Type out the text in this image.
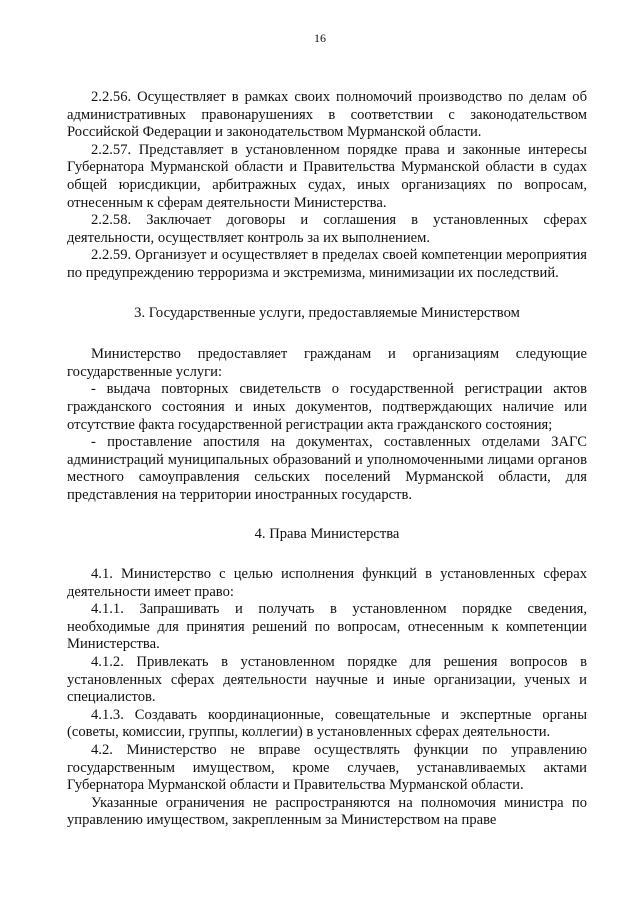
16

2.2.56. Осуществляет в рамках своих полномочий производство по делам об административных правонарушениях в соответствии с законодательством Российской Федерации и законодательством Мурманской области.

2.2.57. Представляет в установленном порядке права и законные интересы Губернатора Мурманской области и Правительства Мурманской области в судах общей юрисдикции, арбитражных судах, иных организациях по вопросам, отнесенным к сферам деятельности Министерства.

2.2.58. Заключает договоры и соглашения в установленных сферах деятельности, осуществляет контроль за их выполнением.

2.2.59. Организует и осуществляет в пределах своей компетенции мероприятия по предупреждению терроризма и экстремизма, минимизации их последствий.

3. Государственные услуги, предоставляемые Министерством

Министерство предоставляет гражданам и организациям следующие государственные услуги:

- выдача повторных свидетельств о государственной регистрации актов гражданского состояния и иных документов, подтверждающих наличие или отсутствие факта государственной регистрации акта гражданского состояния;

- проставление апостиля на документах, составленных отделами ЗАГС администраций муниципальных образований и уполномоченными лицами органов местного самоуправления сельских поселений Мурманской области, для представления на территории иностранных государств.

4. Права Министерства

4.1. Министерство с целью исполнения функций в установленных сферах деятельности имеет право:

4.1.1. Запрашивать и получать в установленном порядке сведения, необходимые для принятия решений по вопросам, отнесенным к компетенции Министерства.

4.1.2. Привлекать в установленном порядке для решения вопросов в установленных сферах деятельности научные и иные организации, ученых и специалистов.

4.1.3. Создавать координационные, совещательные и экспертные органы (советы, комиссии, группы, коллегии) в установленных сферах деятельности.

4.2. Министерство не вправе осуществлять функции по управлению государственным имуществом, кроме случаев, устанавливаемых актами Губернатора Мурманской области и Правительства Мурманской области.

Указанные ограничения не распространяются на полномочия министра по управлению имуществом, закрепленным за Министерством на праве
